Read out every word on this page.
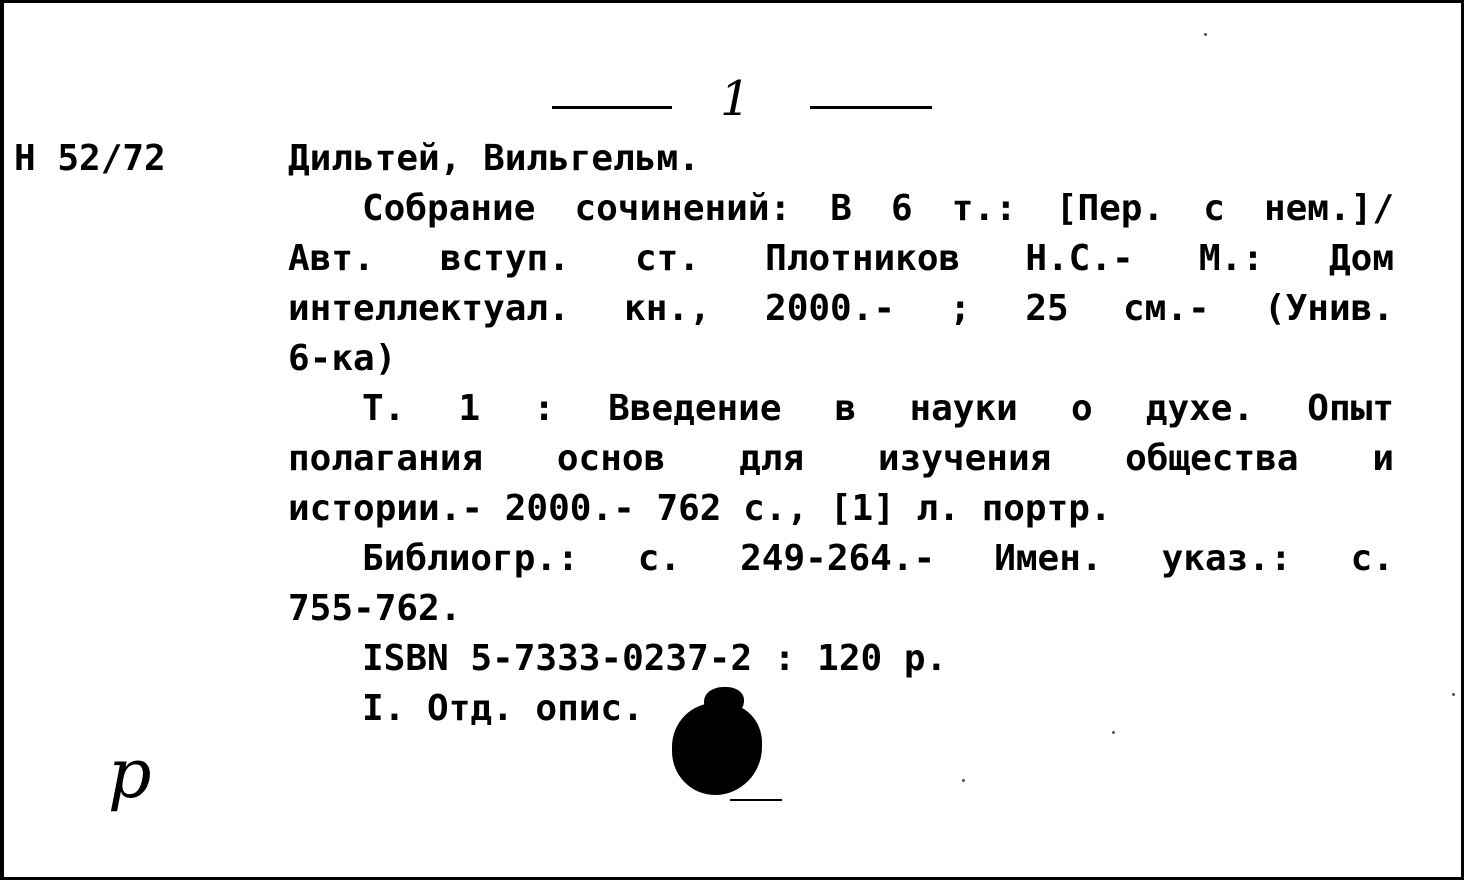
1
Н 52/72	Дильтей, Вильгельм.
Собрание сочинений: В 6 т.: [Пер. с нем.]/
Авт. вступ. ст. Плотников Н.С.- М.: Дом
интеллектуал. кн., 2000.- ; 25 см.- (Унив.
6-ка)
Т. 1 : Введение в науки о духе. Опыт
полагания основ для изучения общества и
истории.- 2000.- 762 с., [1] л. портр.
Библиогр.: с. 249-264.- Имен. указ.: с.
755-762.
ISBN 5-7333-0237-2 : 120 р.
I. Отд. опис.
р
